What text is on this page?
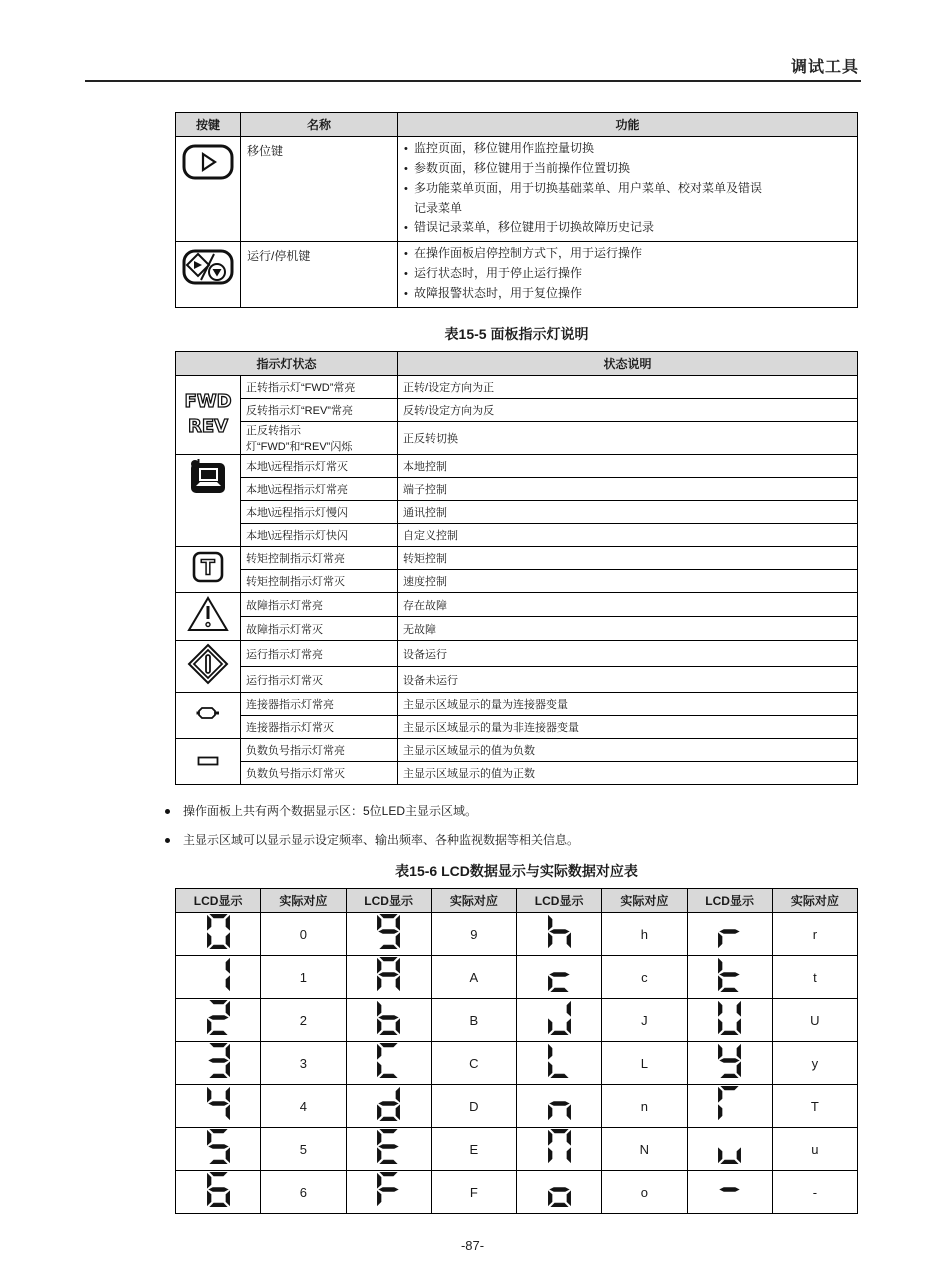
调试工具
按键	名称	功能
	移位键	• 监控页面，移位键用作监控量切换
• 参数页面，移位键用于当前操作位置切换
• 多功能菜单页面，用于切换基础菜单、用户菜单、校对菜单及错误
记录菜单
• 错误记录菜单，移位键用于切换故障历史记录

	运行/停机键	• 在操作面板启停控制方式下，用于运行操作
• 运行状态时，用于停止运行操作
• 故障报警状态时，用于复位操作
表15-5 面板指示灯说明
指示灯状态		状态说明

FWD
REV	正转指示灯“FWD”常亮	正转/设定方向为正
	反转指示灯“REV”常亮	反转/设定方向为反
	正反转指示灯“FWD”和“REV”闪烁	正反转切换
	本地\远程指示灯常灭	本地控制
	本地\远程指示灯常亮	端子控制
	本地\远程指示灯慢闪	通讯控制
	本地\远程指示灯快闪	自定义控制

T	转矩控制指示灯常亮	转矩控制
	转矩控制指示灯常灭	速度控制
	故障指示灯常亮	存在故障
	故障指示灯常灭	无故障
	运行指示灯常亮	设备运行
	运行指示灯常灭	设备未运行
	连接器指示灯常亮	主显示区域显示的量为连接器变量
	连接器指示灯常灭	主显示区域显示的量为非连接器变量
	负数负号指示灯常亮	主显示区域显示的值为负数
	负数负号指示灯常灭	主显示区域显示的值为正数
操作面板上共有两个数据显示区：5位LED主显示区域。
主显示区域可以显示显示设定频率、输出频率、各种监视数据等相关信息。
表15-6 LCD数据显示与实际数据对应表
LCD显示	实际对应	LCD显示	实际对应	LCD显示	实际对应	LCD显示	实际对应
	0		9		h		r
	1		A		c		t
	2		B		J		U
	3		C		L		y
	4		D		n		T
	5		E		N		u
	6		F		o		-
-87-
